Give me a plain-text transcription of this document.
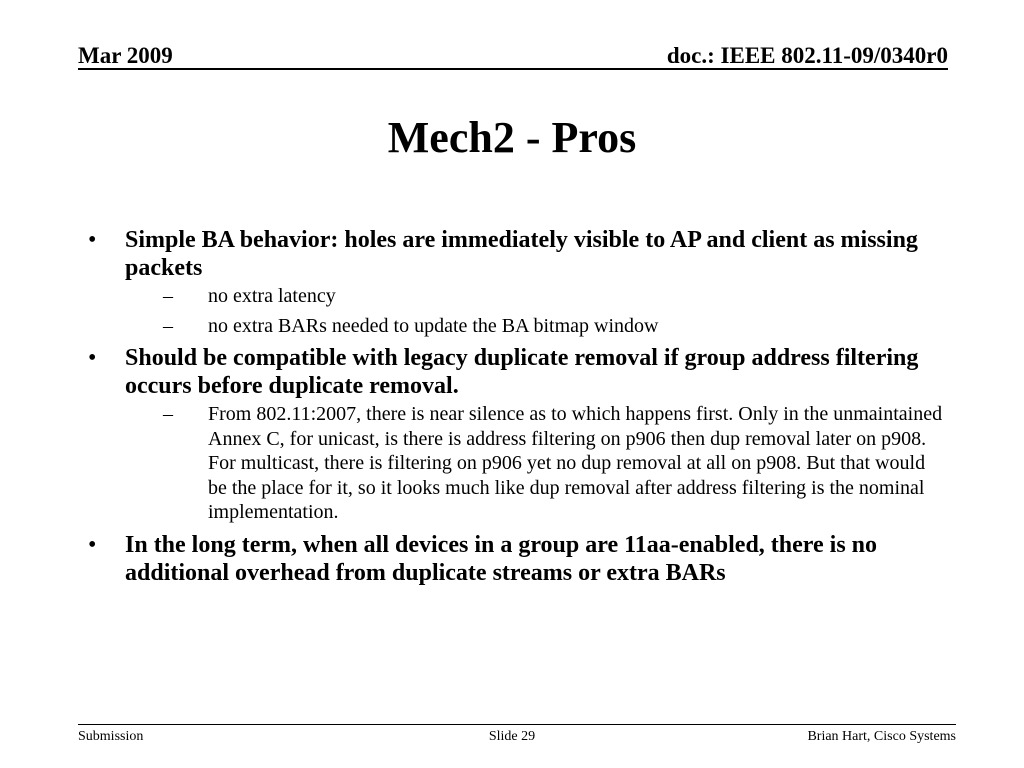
Mar 2009	doc.: IEEE 802.11-09/0340r0
Mech2 - Pros
• Simple BA behavior: holes are immediately visible to AP and client as missing packets
– no extra latency
– no extra BARs needed to update the BA bitmap window
• Should be compatible with legacy duplicate removal if group address filtering occurs before duplicate removal.
– From 802.11:2007, there is near silence as to which happens first. Only in the unmaintained Annex C, for unicast, is there is address filtering on p906 then dup removal later on p908. For multicast, there is filtering on p906 yet no dup removal at all on p908. But that would be the place for it, so it looks much like dup removal after address filtering is the nominal implementation.
• In the long term, when all devices in a group are 11aa-enabled, there is no additional overhead from duplicate streams or extra BARs
Submission	Slide 29	Brian Hart, Cisco Systems
